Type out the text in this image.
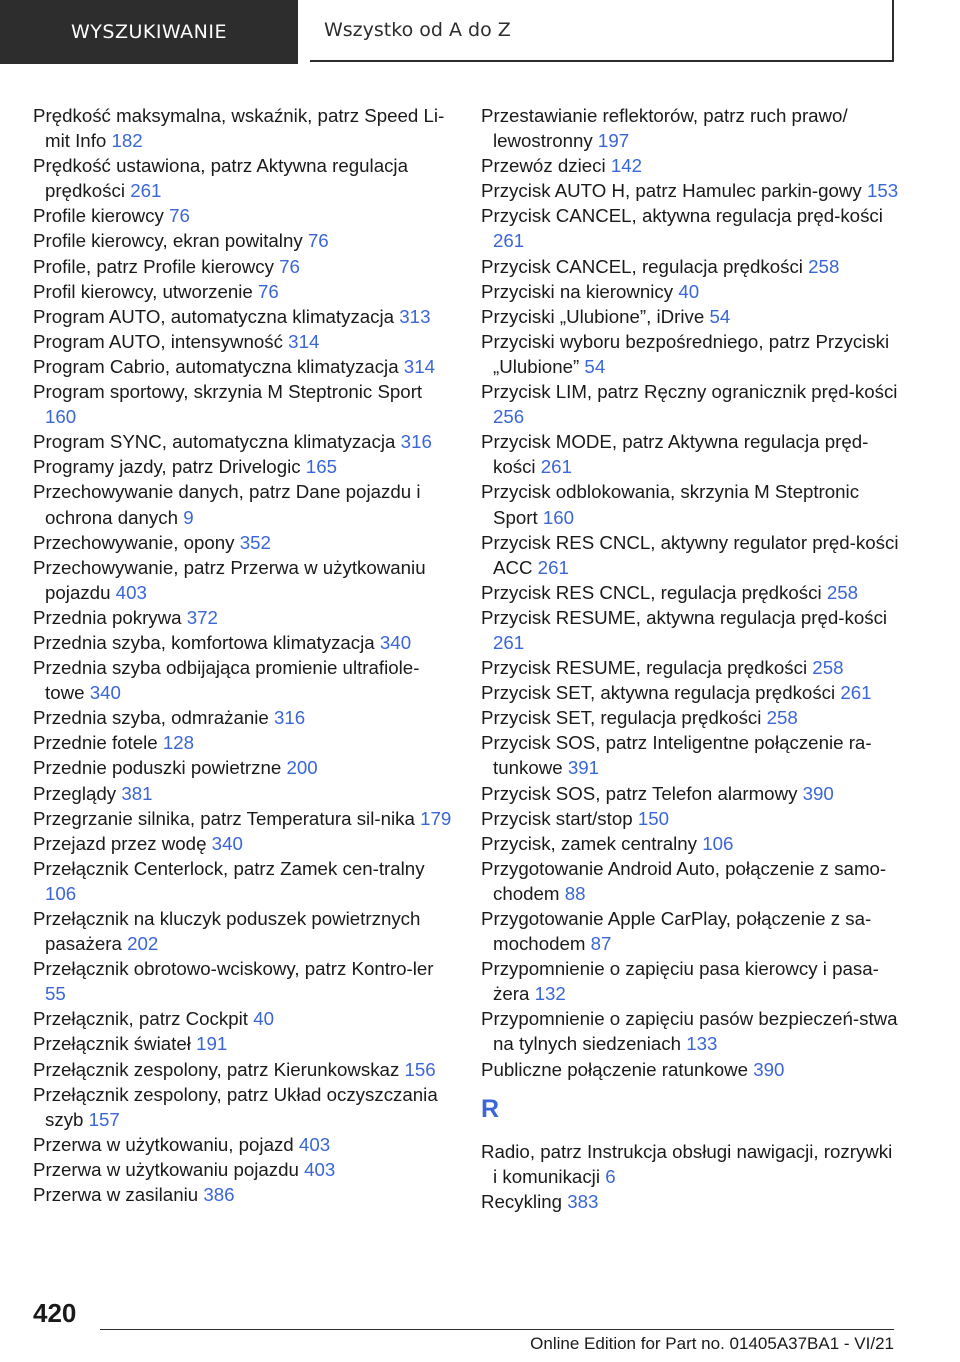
WYSZUKIWANIE	Wszystko od A do Z
Prędkość maksymalna, wskaźnik, patrz Speed Li-mit Info 182
Prędkość ustawiona, patrz Aktywna regulacja prędkości 261
Profile kierowcy 76
Profile kierowcy, ekran powitalny 76
Profile, patrz Profile kierowcy 76
Profil kierowcy, utworzenie 76
Program AUTO, automatyczna klimatyzacja 313
Program AUTO, intensywność 314
Program Cabrio, automatyczna klimatyzacja 314
Program sportowy, skrzynia M Steptronic Sport 160
Program SYNC, automatyczna klimatyzacja 316
Programy jazdy, patrz Drivelogic 165
Przechowywanie danych, patrz Dane pojazdu i ochrona danych 9
Przechowywanie, opony 352
Przechowywanie, patrz Przerwa w użytkowaniu pojazdu 403
Przednia pokrywa 372
Przednia szyba, komfortowa klimatyzacja 340
Przednia szyba odbijająca promienie ultrafiole-towe 340
Przednia szyba, odmrażanie 316
Przednie fotele 128
Przednie poduszki powietrzne 200
Przeglądy 381
Przegrzanie silnika, patrz Temperatura sil-nika 179
Przejazd przez wodę 340
Przełącznik Centerlock, patrz Zamek cen-tralny 106
Przełącznik na kluczyk poduszek powietrznych pasażera 202
Przełącznik obrotowo-wciskowy, patrz Kontro-ler 55
Przełącznik, patrz Cockpit 40
Przełącznik świateł 191
Przełącznik zespolony, patrz Kierunkowskaz 156
Przełącznik zespolony, patrz Układ oczyszczania szyb 157
Przerwa w użytkowaniu, pojazd 403
Przerwa w użytkowaniu pojazdu 403
Przerwa w zasilaniu 386
Przestawianie reflektorów, patrz ruch prawo/ lewostronny 197
Przewóz dzieci 142
Przycisk AUTO H, patrz Hamulec parkin-gowy 153
Przycisk CANCEL, aktywna regulacja pręd-kości 261
Przycisk CANCEL, regulacja prędkości 258
Przyciski na kierownicy 40
Przyciski „Ulubione”, iDrive 54
Przyciski wyboru bezpośredniego, patrz Przyciski „Ulubione” 54
Przycisk LIM, patrz Ręczny ogranicznik pręd-kości 256
Przycisk MODE, patrz Aktywna regulacja pręd-kości 261
Przycisk odblokowania, skrzynia M Steptronic Sport 160
Przycisk RES CNCL, aktywny regulator pręd-kości ACC 261
Przycisk RES CNCL, regulacja prędkości 258
Przycisk RESUME, aktywna regulacja pręd-kości 261
Przycisk RESUME, regulacja prędkości 258
Przycisk SET, aktywna regulacja prędkości 261
Przycisk SET, regulacja prędkości 258
Przycisk SOS, patrz Inteligentne połączenie ra-tunkowe 391
Przycisk SOS, patrz Telefon alarmowy 390
Przycisk start/stop 150
Przycisk, zamek centralny 106
Przygotowanie Android Auto, połączenie z samo-chodem 88
Przygotowanie Apple CarPlay, połączenie z sa-mochodem 87
Przypomnienie o zapięciu pasa kierowcy i pasa-żera 132
Przypomnienie o zapięciu pasów bezpieczeń-stwa na tylnych siedzeniach 133
Publiczne połączenie ratunkowe 390
R
Radio, patrz Instrukcja obsługi nawigacji, rozrywki i komunikacji 6
Recykling 383
420
Online Edition for Part no. 01405A37BA1 - VI/21
